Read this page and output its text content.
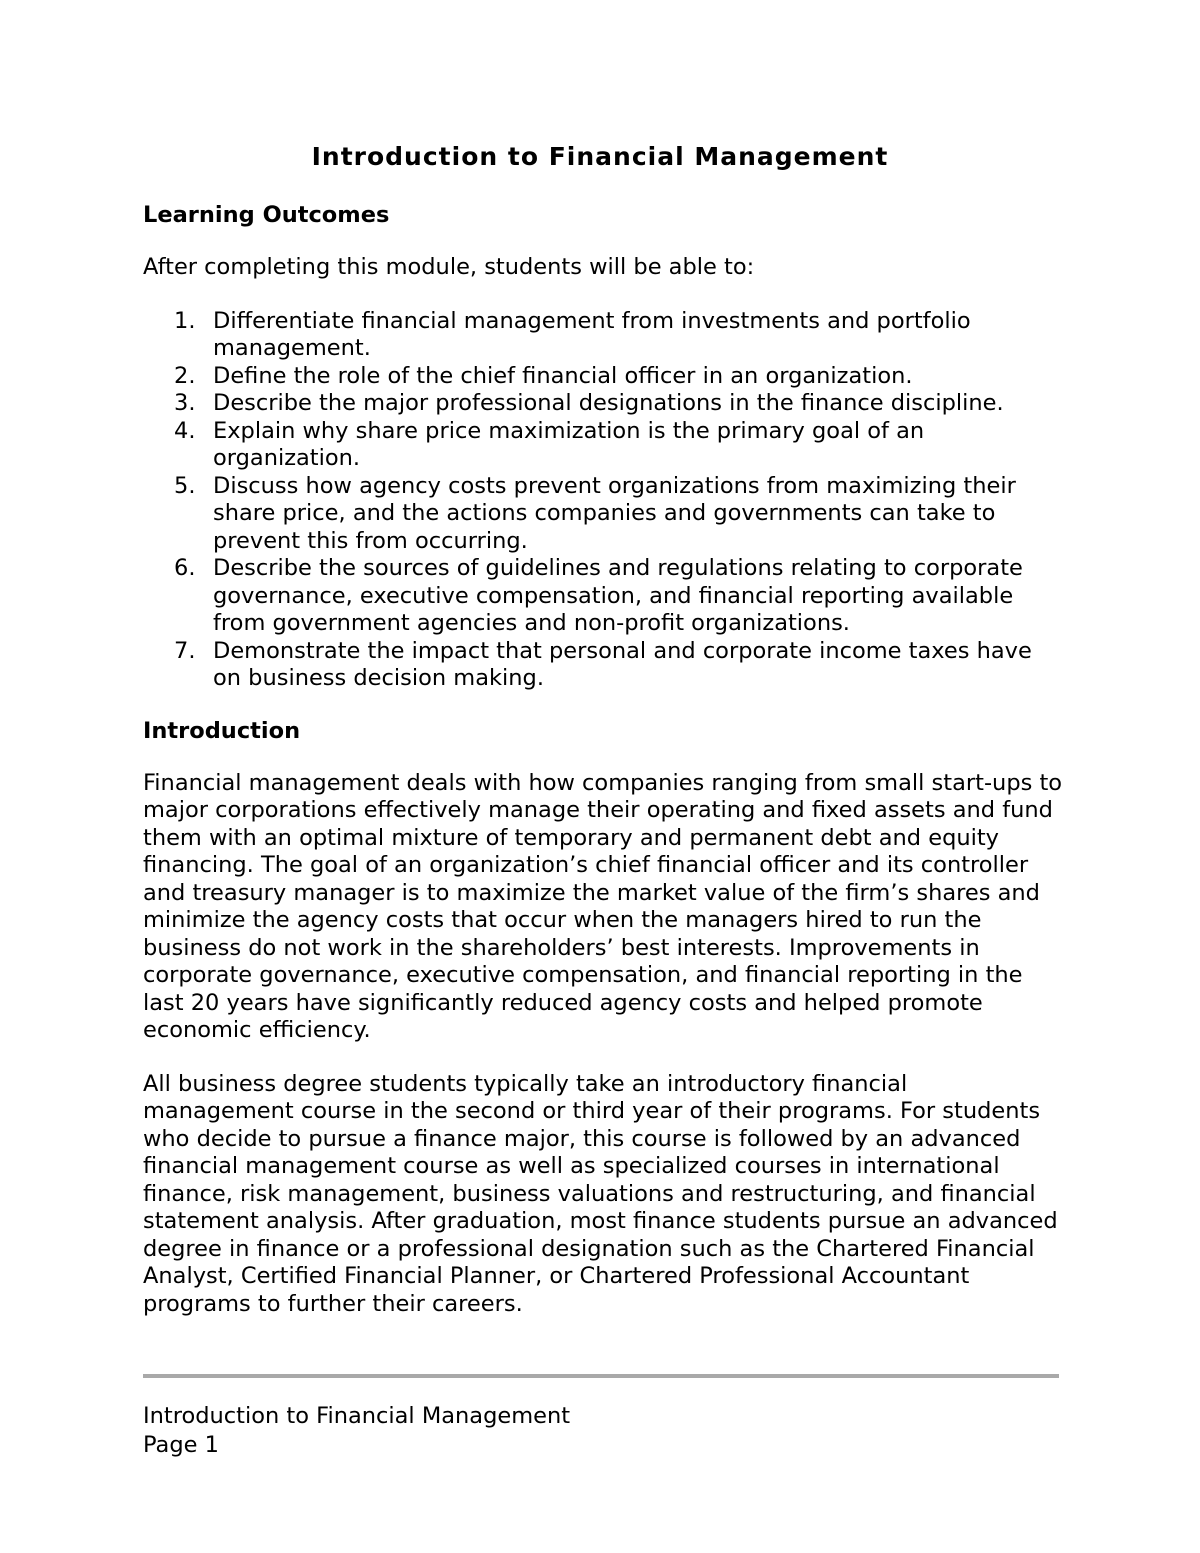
Introduction to Financial Management
Learning Outcomes

After completing this module, students will be able to:

1. Differentiate financial management from investments and portfolio management.
2. Define the role of the chief financial officer in an organization.
3. Describe the major professional designations in the finance discipline.
4. Explain why share price maximization is the primary goal of an organization.
5. Discuss how agency costs prevent organizations from maximizing their share price, and the actions companies and governments can take to prevent this from occurring.
6. Describe the sources of guidelines and regulations relating to corporate governance, executive compensation, and financial reporting available from government agencies and non-profit organizations.
7. Demonstrate the impact that personal and corporate income taxes have on business decision making.
Introduction

Financial management deals with how companies ranging from small start-ups to major corporations effectively manage their operating and fixed assets and fund them with an optimal mixture of temporary and permanent debt and equity financing. The goal of an organization’s chief financial officer and its controller and treasury manager is to maximize the market value of the firm’s shares and minimize the agency costs that occur when the managers hired to run the business do not work in the shareholders’ best interests. Improvements in corporate governance, executive compensation, and financial reporting in the last 20 years have significantly reduced agency costs and helped promote economic efficiency.

All business degree students typically take an introductory financial management course in the second or third year of their programs. For students who decide to pursue a finance major, this course is followed by an advanced financial management course as well as specialized courses in international finance, risk management, business valuations and restructuring, and financial statement analysis. After graduation, most finance students pursue an advanced degree in finance or a professional designation such as the Chartered Financial Analyst, Certified Financial Planner, or Chartered Professional Accountant programs to further their careers.

Introduction to Financial Management
Page 1
